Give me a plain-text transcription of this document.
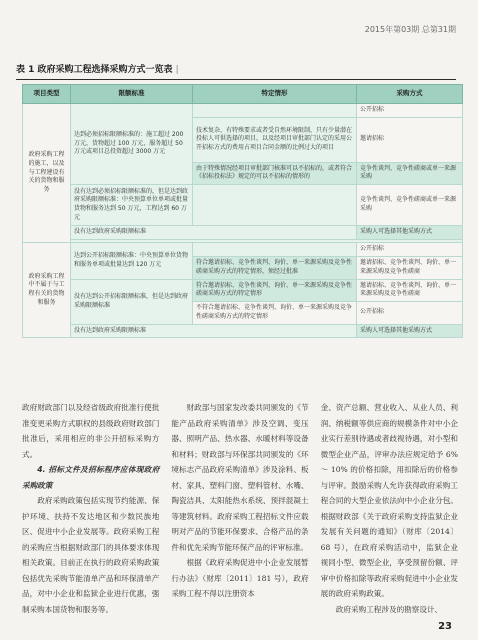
2015年第03期 总第31期
表 1 政府采购工程选择采购方式一览表 |
项目类型	限额标准	特定情形	采购方式
政府采购工程的施工，以及与工程建设有关的货物和服务	达到必须招标限额标准的：施工超过 200 万元，货物超过 100 万元，服务超过 50 万元或项目总投资超过 3000 万元		公开招标
		技术复杂、有特殊要求或者受自然环境限制，只有少量潜在投标人可供选择的项目，以及经项目审批部门认定的采用公开招标方式的费用占项目合同金额的比例过大的项目	邀请招标
		由于特殊情况经项目审批部门核准可以不招标的，或者符合《招标投标法》规定的可以不招标的情形的	竞争性谈判、竞争性磋商或单一来源采购
	没有达到必须招标限额标准的，但是达到政府采购限额标准：中央预算单位单项或批量货物和服务达到 50 万元，工程达到 60 万元		竞争性谈判、竞争性磋商或单一来源采购
	没有达到政府采购限额标准		采购人可选择其他采购方式

政府采购工程中不属于与工程有关的货物和服务	达到公开招标限额标准：中央预算单位货物和服务单项或批量达到 120 万元		公开招标
		符合邀请招标、竞争性谈判、询价、单一来源采购及竞争性磋商采购方式的特定情形，须经过批准	邀请招标、竞争性谈判、询价、单一来源采购及竞争性磋商
	没有达到公开招标限额标准，但是达到政府采购限额标准	符合邀请招标、竞争性谈判、询价、单一来源采购及竞争性磋商采购方式的特定情形	邀请招标、竞争性谈判、询价、单一来源采购及竞争性磋商
		不符合邀请招标、竞争性谈判、询价、单一来源采购及竞争性磋商采购方式的特定情形	公开招标
	没有达到政府采购限额标准		采购人可选择其他采购方式

政府财政部门以及经省级政府批准行使批准变更采购方式职权的县级政府财政部门批准后，采用相应的非公开招标采购方式。

4. 招标文件及招标程序应体现政府采购政策

政府采购政策包括实现节约能源、保护环境、扶持不发达地区和少数民族地区、促进中小企业发展等。政府采购工程的采购应当根据财政部门的具体要求体现相关政策。目前正在执行的政府采购政策包括优先采购节能清单产品和环保清单产品，对中小企业和监狱企业进行优惠，强制采购本国货物和服务等。

财政部与国家发改委共同颁发的《节能产品政府采购清单》涉及空调、变压器、照明产品、热水器、水暖材料等设备和材料；财政部与环保部共同颁发的《环境标志产品政府采购清单》涉及涂料、板材、家具、塑料门窗、塑料管材、水嘴、陶瓷洁具、太阳能热水系统、预拌混凝土等建筑材料。政府采购工程招标文件应载明对产品的节能环保要求、合格产品的条件和优先采购节能环保产品的评审标准。

根据《政府采购促进中小企业发展暂行办法》（财库〔2011〕181 号），政府采购工程不得以注册资本

金、资产总额、营业收入、从业人员、利润、纳税额等供应商的规模条件对中小企业实行差别待遇或者歧视待遇，对小型和微型企业产品，评审办法应规定给予 6% ～ 10% 的价格扣除，用扣除后的价格参与评审。鼓励采购人允许获得政府采购工程合同的大型企业依法向中小企业分包。根据财政部《关于政府采购支持监狱企业发展有关问题的通知》（财库〔2014〕68 号），在政府采购活动中，监狱企业视同小型、微型企业，享受预留份额、评审中价格扣除等政府采购促进中小企业发展的政府采购政策。

政府采购工程涉及的勘察设计、

23
